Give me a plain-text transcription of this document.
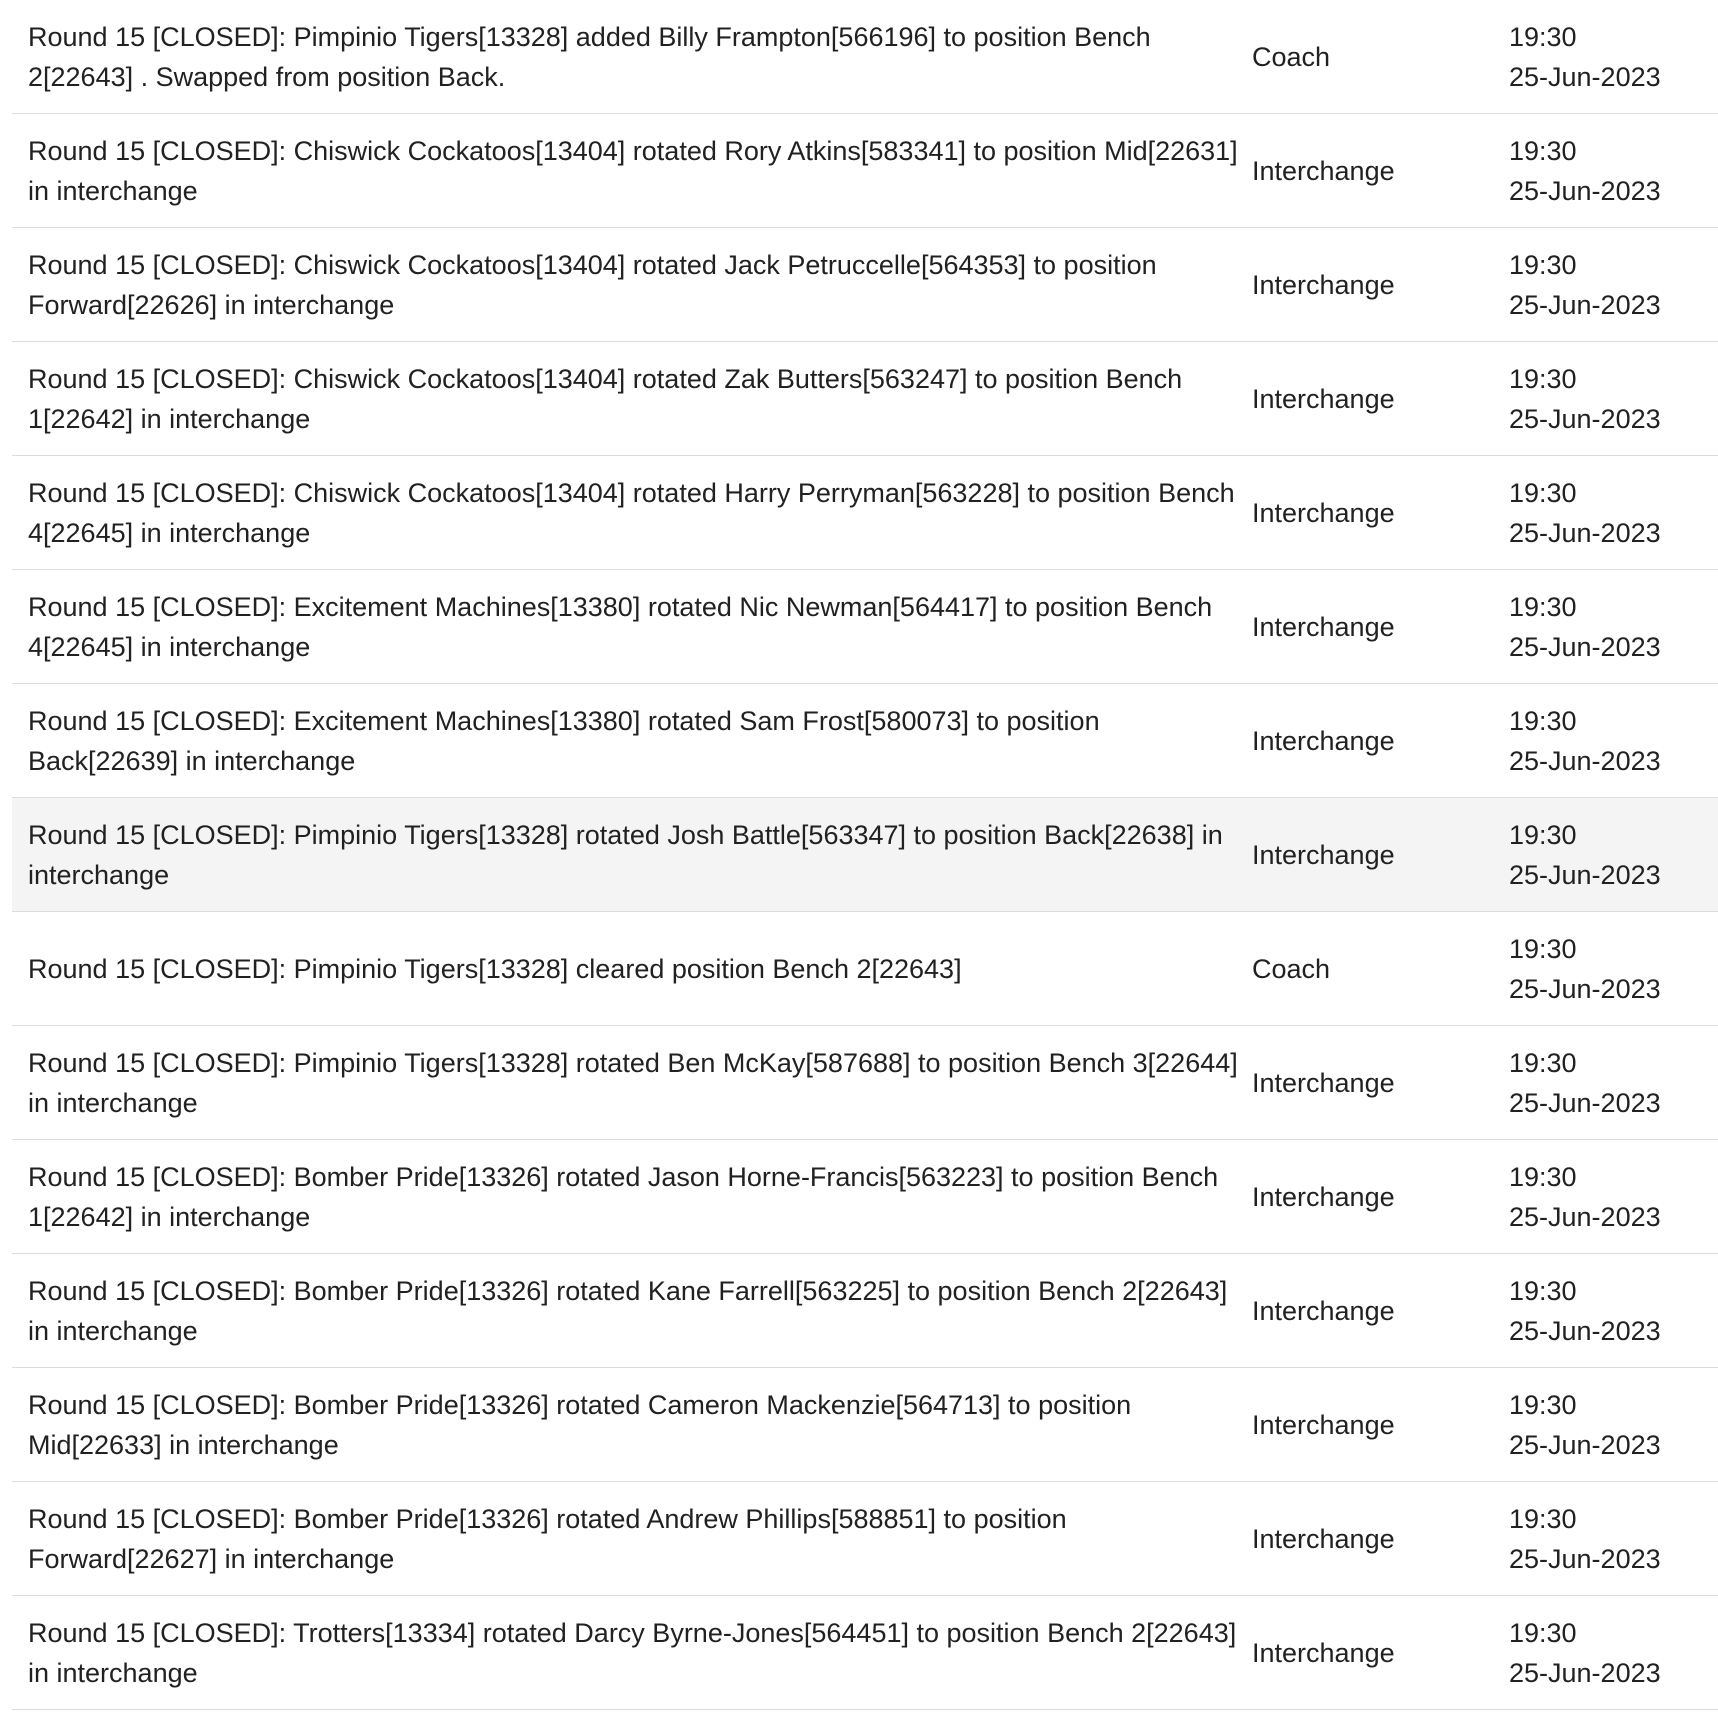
Round 15 [CLOSED]: Pimpinio Tigers[13328] added Billy Frampton[566196] to position Bench 2[22643] . Swapped from position Back.	Coach	19:30
25-Jun-2023

Round 15 [CLOSED]: Chiswick Cockatoos[13404] rotated Rory Atkins[583341] to position Mid[22631] in interchange	Interchange	19:30
25-Jun-2023

Round 15 [CLOSED]: Chiswick Cockatoos[13404] rotated Jack Petruccelle[564353] to position Forward[22626] in interchange	Interchange	19:30
25-Jun-2023

Round 15 [CLOSED]: Chiswick Cockatoos[13404] rotated Zak Butters[563247] to position Bench 1[22642] in interchange	Interchange	19:30
25-Jun-2023

Round 15 [CLOSED]: Chiswick Cockatoos[13404] rotated Harry Perryman[563228] to position Bench 4[22645] in interchange	Interchange	19:30
25-Jun-2023

Round 15 [CLOSED]: Excitement Machines[13380] rotated Nic Newman[564417] to position Bench 4[22645] in interchange	Interchange	19:30
25-Jun-2023

Round 15 [CLOSED]: Excitement Machines[13380] rotated Sam Frost[580073] to position Back[22639] in interchange	Interchange	19:30
25-Jun-2023

Round 15 [CLOSED]: Pimpinio Tigers[13328] rotated Josh Battle[563347] to position Back[22638] in interchange	Interchange	19:30
25-Jun-2023

Round 15 [CLOSED]: Pimpinio Tigers[13328] cleared position Bench 2[22643]	Coach	19:30
25-Jun-2023

Round 15 [CLOSED]: Pimpinio Tigers[13328] rotated Ben McKay[587688] to position Bench 3[22644] in interchange	Interchange	19:30
25-Jun-2023

Round 15 [CLOSED]: Bomber Pride[13326] rotated Jason Horne-Francis[563223] to position Bench 1[22642] in interchange	Interchange	19:30
25-Jun-2023

Round 15 [CLOSED]: Bomber Pride[13326] rotated Kane Farrell[563225] to position Bench 2[22643] in interchange	Interchange	19:30
25-Jun-2023

Round 15 [CLOSED]: Bomber Pride[13326] rotated Cameron Mackenzie[564713] to position Mid[22633] in interchange	Interchange	19:30
25-Jun-2023

Round 15 [CLOSED]: Bomber Pride[13326] rotated Andrew Phillips[588851] to position Forward[22627] in interchange	Interchange	19:30
25-Jun-2023

Round 15 [CLOSED]: Trotters[13334] rotated Darcy Byrne-Jones[564451] to position Bench 2[22643] in interchange	Interchange	19:30
25-Jun-2023
